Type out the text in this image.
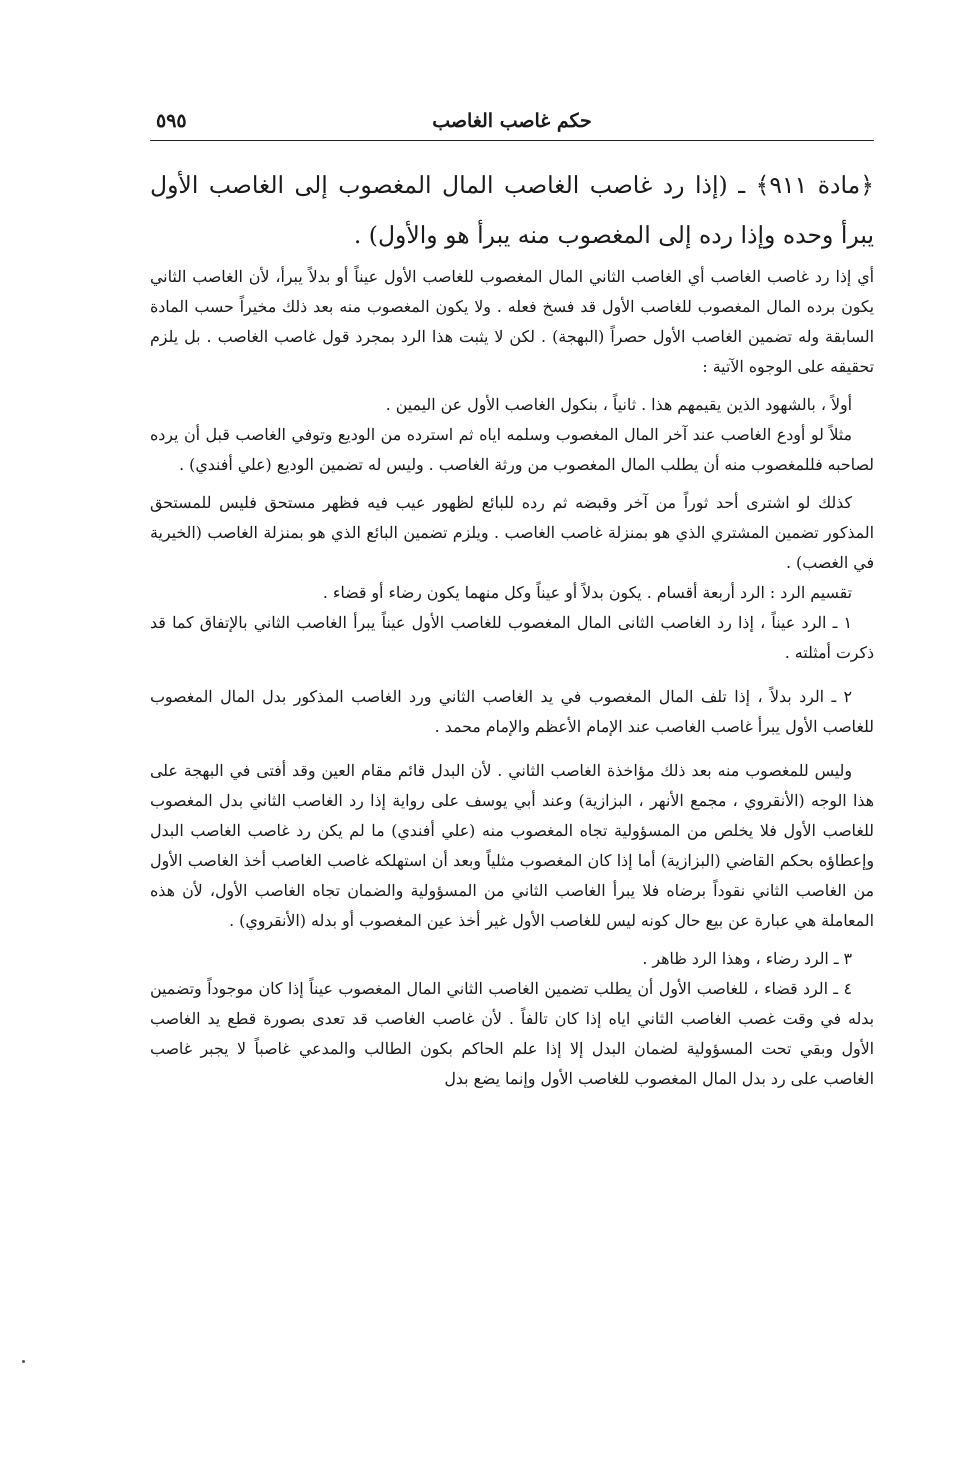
٥٩٥	حكم غاصب الغاصب
﴿مادة ٩١١﴾ ـ (إذا رد غاصب الغاصب المال المغصوب إلى الغاصب الأول يبرأ وحده وإذا رده إلى المغصوب منه يبرأ هو والأول) .

أي إذا رد غاصب الغاصب أي الغاصب الثاني المال المغصوب للغاصب الأول عيناً أو بدلاً يبرأ، لأن الغاصب الثاني يكون برده المال المغصوب للغاصب الأول قد فسخ فعله . ولا يكون المغصوب منه بعد ذلك مخيراً حسب المادة السابقة وله تضمين الغاصب الأول حصراً (البهجة) . لكن لا يثبت هذا الرد بمجرد قول غاصب الغاصب . بل يلزم تحقيقه على الوجوه الآتية :

أولاً ، بالشهود الذين يقيمهم هذا . ثانياً ، بنكول الغاصب الأول عن اليمين .

مثلاً لو أودع الغاصب عند آخر المال المغصوب وسلمه اياه ثم استرده من الوديع وتوفي الغاصب قبل أن يرده لصاحبه فللمغصوب منه أن يطلب المال المغصوب من ورثة الغاصب . وليس له تضمين الوديع (علي أفندي) .

كذلك لو اشترى أحد ثوراً من آخر وقبضه ثم رده للبائع لظهور عيب فيه فظهر مستحق فليس للمستحق المذكور تضمين المشتري الذي هو بمنزلة غاصب الغاصب . ويلزم تضمين البائع الذي هو بمنزلة الغاصب (الخيرية في الغصب) .

تقسيم الرد : الرد أربعة أقسام . يكون بدلاً أو عيناً وكل منهما يكون رضاء أو قضاء .

١ ـ الرد عيناً ، إذا رد الغاصب الثانى المال المغصوب للغاصب الأول عيناً يبرأ الغاصب الثاني بالإتفاق كما قد ذكرت أمثلته .

٢ ـ الرد بدلاً ، إذا تلف المال المغصوب في يد الغاصب الثاني ورد الغاصب المذكور بدل المال المغصوب للغاصب الأول يبرأ غاصب الغاصب عند الإمام الأعظم والإمام محمد .

وليس للمغصوب منه بعد ذلك مؤاخذة الغاصب الثاني . لأن البدل قائم مقام العين وقد أفتى في البهجة على هذا الوجه (الأنقروي ، مجمع الأنهر ، البزازية) وعند أبي يوسف على رواية إذا رد الغاصب الثاني بدل المغصوب للغاصب الأول فلا يخلص من المسؤولية تجاه المغصوب منه (علي أفندي) ما لم يكن رد غاصب الغاصب البدل وإعطاؤه بحكم القاضي (البزازية) أما إذا كان المغصوب مثلياً وبعد أن استهلكه غاصب الغاصب أخذ الغاصب الأول من الغاصب الثاني نقوداً برضاه فلا يبرأ الغاصب الثاني من المسؤولية والضمان تجاه الغاصب الأول، لأن هذه المعاملة هي عبارة عن بيع حال كونه ليس للغاصب الأول غير أخذ عين المغصوب أو بدله (الأنقروي) .

٣ ـ الرد رضاء ، وهذا الرد ظاهر .

٤ ـ الرد قضاء ، للغاصب الأول أن يطلب تضمين الغاصب الثاني المال المغصوب عيناً إذا كان موجوداً وتضمين بدله في وقت غصب الغاصب الثاني اياه إذا كان تالفاً . لأن غاصب الغاصب قد تعدى بصورة قطع يد الغاصب الأول وبقي تحت المسؤولية لضمان البدل إلا إذا علم الحاكم بكون الطالب والمدعي غاصباً لا يجبر غاصب الغاصب على رد بدل المال المغصوب للغاصب الأول وإنما يضع بدل
